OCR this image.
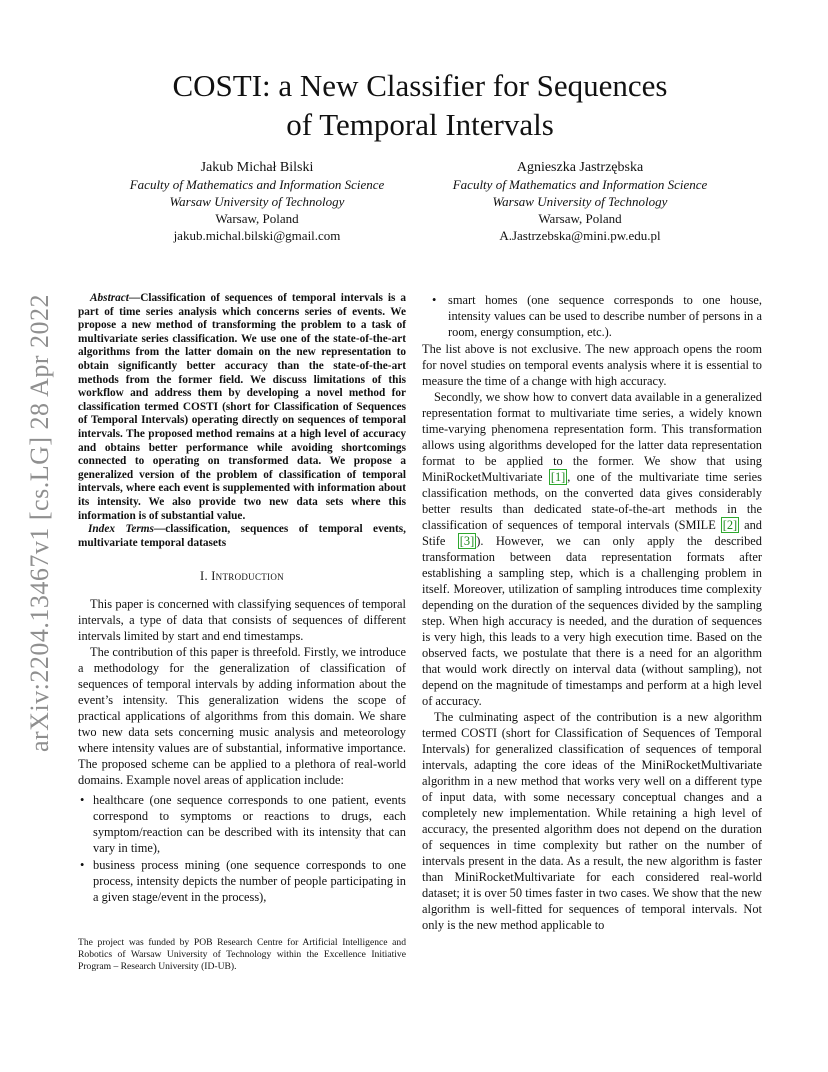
arXiv:2204.13467v1 [cs.LG] 28 Apr 2022
COSTI: a New Classifier for Sequences
of Temporal Intervals
Jakub Michał Bilski
Faculty of Mathematics and Information Science
Warsaw University of Technology
Warsaw, Poland
jakub.michal.bilski@gmail.com
Agnieszka Jastrzębska
Faculty of Mathematics and Information Science
Warsaw University of Technology
Warsaw, Poland
A.Jastrzebska@mini.pw.edu.pl

Abstract—Classification of sequences of temporal intervals is a part of time series analysis which concerns series of events. We propose a new method of transforming the problem to a task of multivariate series classification. We use one of the state-of-the-art algorithms from the latter domain on the new representation to obtain significantly better accuracy than the state-of-the-art methods from the former field. We discuss limitations of this workflow and address them by developing a novel method for classification termed COSTI (short for Classification of Sequences of Temporal Intervals) operating directly on sequences of temporal intervals. The proposed method remains at a high level of accuracy and obtains better performance while avoiding shortcomings connected to operating on transformed data. We propose a generalized version of the problem of classification of temporal intervals, where each event is supplemented with information about its intensity. We also provide two new data sets where this information is of substantial value.

Index Terms—classification, sequences of temporal events, multivariate temporal datasets

I. Introduction

This paper is concerned with classifying sequences of temporal intervals, a type of data that consists of sequences of different intervals limited by start and end timestamps.

The contribution of this paper is threefold. Firstly, we introduce a methodology for the generalization of classification of sequences of temporal intervals by adding information about the event’s intensity. This generalization widens the scope of practical applications of algorithms from this domain. We share two new data sets concerning music analysis and meteorology where intensity values are of substantial, informative importance. The proposed scheme can be applied to a plethora of real-world domains. Example novel areas of application include:

• healthcare (one sequence corresponds to one patient, events correspond to symptoms or reactions to drugs, each symptom/reaction can be described with its intensity that can vary in time),
• business process mining (one sequence corresponds to one process, intensity depicts the number of people participating in a given stage/event in the process),
The project was funded by POB Research Centre for Artificial Intelligence and Robotics of Warsaw University of Technology within the Excellence Initiative Program – Research University (ID-UB).
• smart homes (one sequence corresponds to one house, intensity values can be used to describe number of persons in a room, energy consumption, etc.).

The list above is not exclusive. The new approach opens the room for novel studies on temporal events analysis where it is essential to measure the time of a change with high accuracy.

Secondly, we show how to convert data available in a generalized representation format to multivariate time series, a widely known time-varying phenomena representation form. This transformation allows using algorithms developed for the latter data representation format to be applied to the former. We show that using MiniRocketMultivariate [1] , one of the multivariate time series classification methods, on the converted data gives considerably better results than dedicated state-of-the-art methods in the classification of sequences of temporal intervals (SMILE [2] and Stife [3] ). However, we can only apply the described transformation between data representation formats after establishing a sampling step, which is a challenging problem in itself. Moreover, utilization of sampling introduces time complexity depending on the duration of the sequences divided by the sampling step. When high accuracy is needed, and the duration of sequences is very high, this leads to a very high execution time. Based on the observed facts, we postulate that there is a need for an algorithm that would work directly on interval data (without sampling), not depend on the magnitude of timestamps and perform at a high level of accuracy.

The culminating aspect of the contribution is a new algorithm termed COSTI (short for Classification of Sequences of Temporal Intervals) for generalized classification of sequences of temporal intervals, adapting the core ideas of the MiniRocketMultivariate algorithm in a new method that works very well on a different type of input data, with some necessary conceptual changes and a completely new implementation. While retaining a high level of accuracy, the presented algorithm does not depend on the duration of sequences in time complexity but rather on the number of intervals present in the data. As a result, the new algorithm is faster than MiniRocketMultivariate for each considered real-world dataset; it is over 50 times faster in two cases. We show that the new algorithm is well-fitted for sequences of temporal intervals. Not only is the new method applicable to
